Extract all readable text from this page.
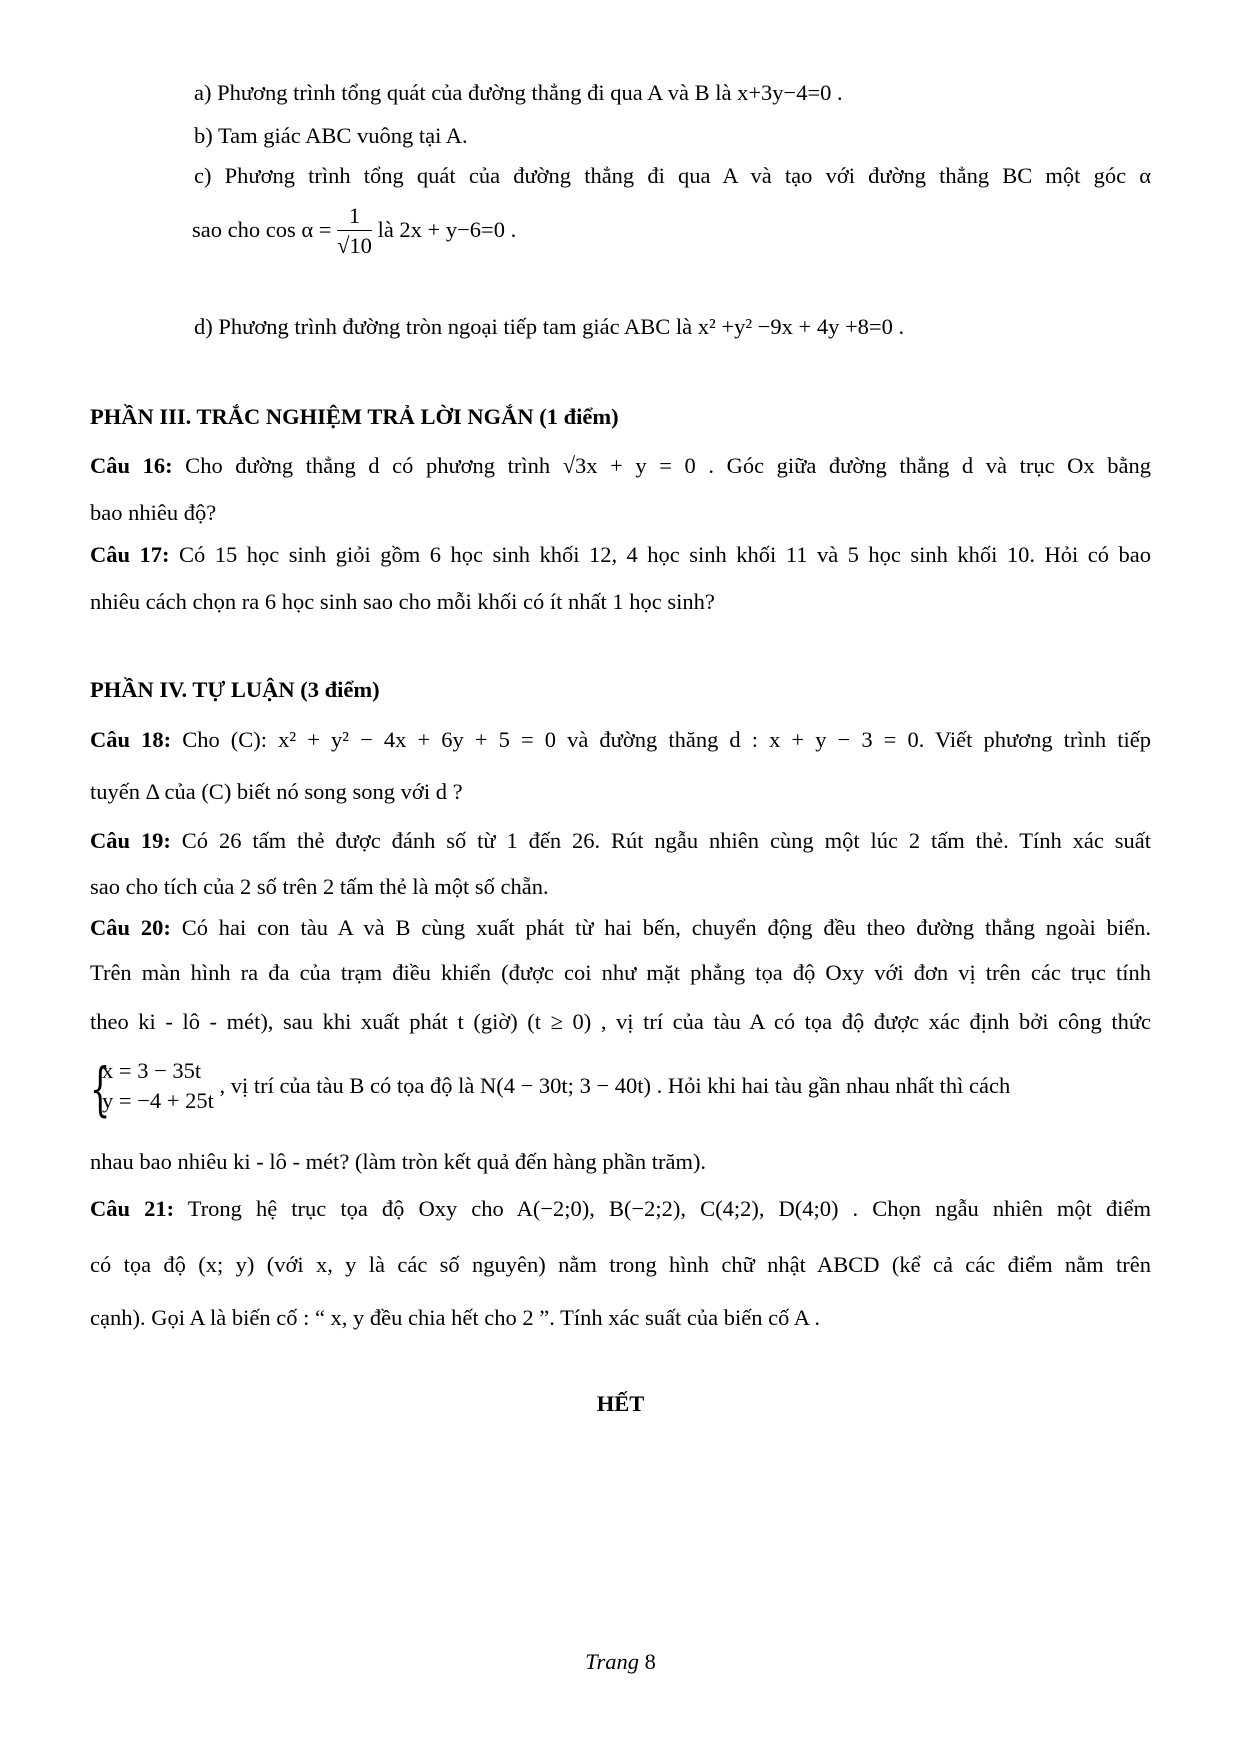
a) Phương trình tổng quát của đường thẳng đi qua A và B là x+3y−4=0 .
b) Tam giác ABC vuông tại A.
c) Phương trình tổng quát của đường thẳng đi qua A và tạo với đường thẳng BC một góc α
sao cho $\cos \alpha = \frac{1}{√10}$ là 2x + y−6=0 .
d) Phương trình đường tròn ngoại tiếp tam giác ABC là x² +y² −9x + 4y +8=0 .
PHẦN III. TRẮC NGHIỆM TRẢ LỜI NGẮN (1 điểm)
Câu 16: Cho đường thẳng d có phương trình √3x + y = 0 . Góc giữa đường thẳng d và trục Ox bằng
bao nhiêu độ?
Câu 17: Có 15 học sinh giỏi gồm 6 học sinh khối 12, 4 học sinh khối 11 và 5 học sinh khối 10. Hỏi có bao
nhiêu cách chọn ra 6 học sinh sao cho mỗi khối có ít nhất 1 học sinh?
PHẦN IV. TỰ LUẬN (3 điểm)
Câu 18: Cho (C): x² + y² − 4x + 6y + 5 = 0 và đường thăng d : x + y − 3 = 0. Viết phương trình tiếp
tuyến Δ của (C) biết nó song song với d ?
Câu 19: Có 26 tấm thẻ được đánh số từ 1 đến 26. Rút ngẫu nhiên cùng một lúc 2 tấm thẻ. Tính xác suất
sao cho tích của 2 số trên 2 tấm thẻ là một số chẵn.
Câu 20: Có hai con tàu A và B cùng xuất phát từ hai bến, chuyển động đều theo đường thẳng ngoài biển.
Trên màn hình ra đa của trạm điều khiển (được coi như mặt phẳng tọa độ Oxy với đơn vị trên các trục tính
theo ki - lô - mét), sau khi xuất phát t (giờ) (t ≥ 0) , vị trí của tàu A có tọa độ được xác định bởi công thức
{
x = 3 − 35t
y = −4 + 25t
, vị trí của tàu B có tọa độ là N(4 − 30t; 3 − 40t) . Hỏi khi hai tàu gần nhau nhất thì cách
nhau bao nhiêu ki - lô - mét? (làm tròn kết quả đến hàng phần trăm).
Câu 21: Trong hệ trục tọa độ Oxy cho A(−2;0), B(−2;2), C(4;2), D(4;0) . Chọn ngẫu nhiên một điểm
có tọa độ (x; y) (với x, y là các số nguyên) nằm trong hình chữ nhật ABCD (kể cả các điểm nằm trên
cạnh). Gọi A là biến cố : “ x, y đều chia hết cho 2 ”. Tính xác suất của biến cố A .
HẾT
Trang 8
